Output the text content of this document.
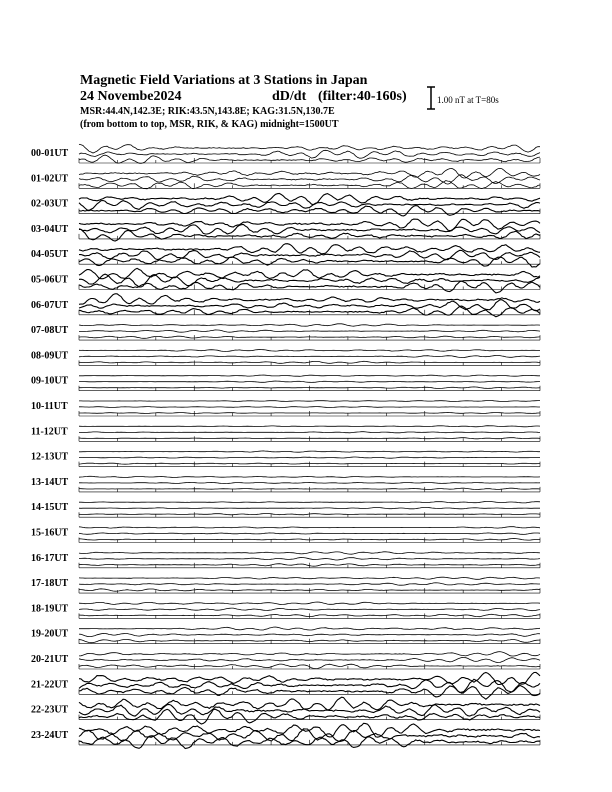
Magnetic Field Variations at 3 Stations in Japan
24 Novembe2024	dD/dt (filter:40-160s)
MSR:44.4N,142.3E; RIK:43.5N,143.8E; KAG:31.5N,130.7E
(from bottom to top, MSR, RIK, & KAG) midnight=1500UT
1.00 nT at T=80s
00-01UT
01-02UT
02-03UT
03-04UT
04-05UT
05-06UT
06-07UT
07-08UT
08-09UT
09-10UT
10-11UT
11-12UT
12-13UT
13-14UT
14-15UT
15-16UT
16-17UT
17-18UT
18-19UT
19-20UT
20-21UT
21-22UT
22-23UT
23-24UT
